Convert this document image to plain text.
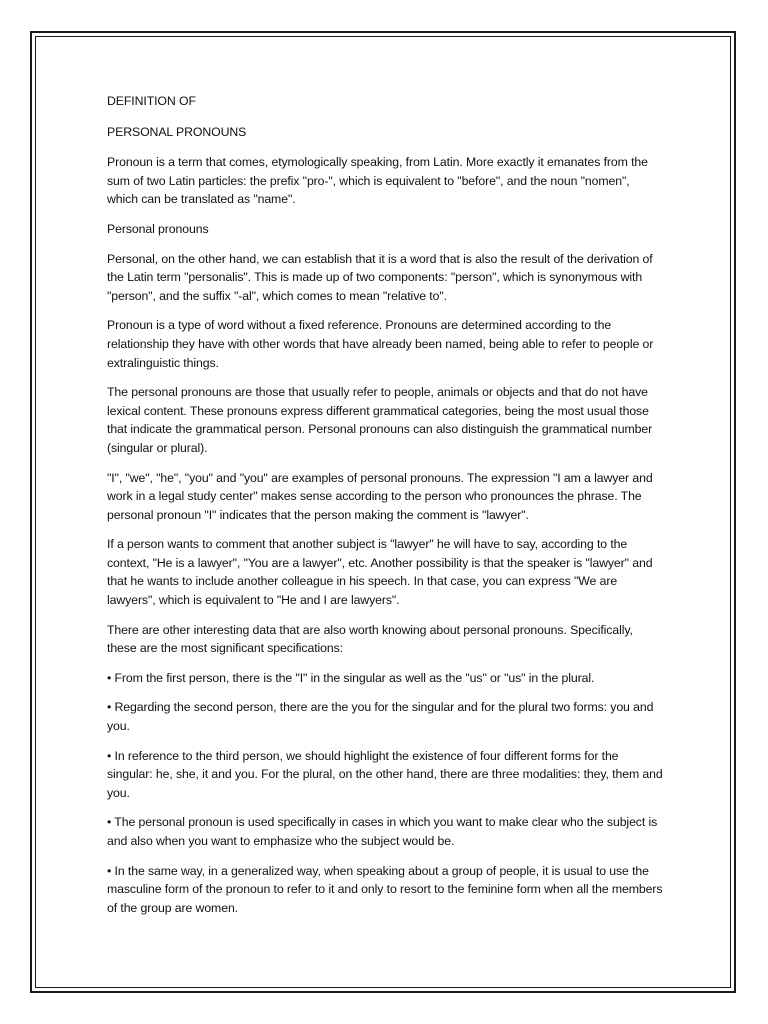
DEFINITION OF

PERSONAL PRONOUNS

Pronoun is a term that comes, etymologically speaking, from Latin. More exactly it emanates from the sum of two Latin particles: the prefix "pro-", which is equivalent to "before", and the noun "nomen", which can be translated as "name".

Personal pronouns

Personal, on the other hand, we can establish that it is a word that is also the result of the derivation of the Latin term "personalis". This is made up of two components: "person", which is synonymous with "person", and the suffix "-al", which comes to mean "relative to".

Pronoun is a type of word without a fixed reference. Pronouns are determined according to the relationship they have with other words that have already been named, being able to refer to people or extralinguistic things.

The personal pronouns are those that usually refer to people, animals or objects and that do not have lexical content. These pronouns express different grammatical categories, being the most usual those that indicate the grammatical person. Personal pronouns can also distinguish the grammatical number (singular or plural).

"I", "we", "he", "you" and "you" are examples of personal pronouns. The expression "I am a lawyer and work in a legal study center" makes sense according to the person who pronounces the phrase. The personal pronoun "I" indicates that the person making the comment is "lawyer".

If a person wants to comment that another subject is "lawyer" he will have to say, according to the context, "He is a lawyer", "You are a lawyer", etc. Another possibility is that the speaker is "lawyer" and that he wants to include another colleague in his speech. In that case, you can express "We are lawyers", which is equivalent to "He and I are lawyers".

There are other interesting data that are also worth knowing about personal pronouns. Specifically, these are the most significant specifications:

• From the first person, there is the "I" in the singular as well as the "us" or "us" in the plural.

• Regarding the second person, there are the you for the singular and for the plural two forms: you and you.

• In reference to the third person, we should highlight the existence of four different forms for the singular: he, she, it and you. For the plural, on the other hand, there are three modalities: they, them and you.

• The personal pronoun is used specifically in cases in which you want to make clear who the subject is and also when you want to emphasize who the subject would be.

• In the same way, in a generalized way, when speaking about a group of people, it is usual to use the masculine form of the pronoun to refer to it and only to resort to the feminine form when all the members of the group are women.
